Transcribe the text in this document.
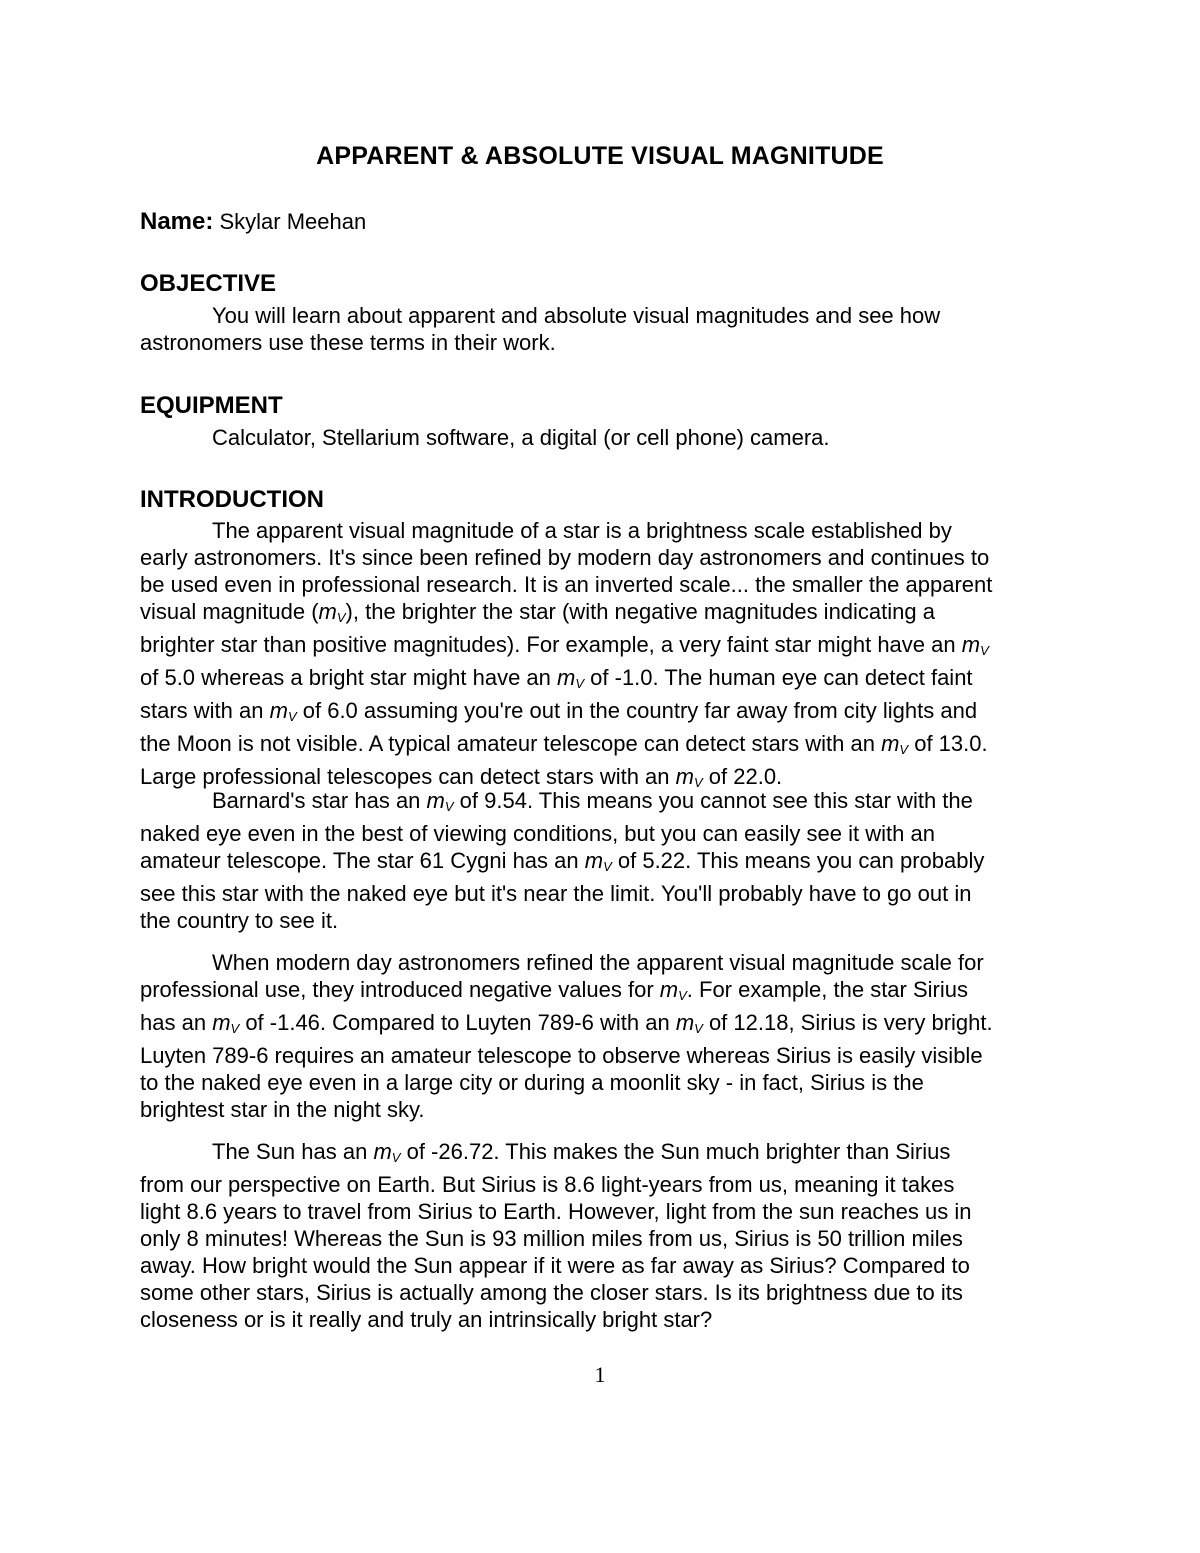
APPARENT & ABSOLUTE VISUAL MAGNITUDE
Name: Skylar Meehan
OBJECTIVE
You will learn about apparent and absolute visual magnitudes and see how
astronomers use these terms in their work.
EQUIPMENT
Calculator, Stellarium software, a digital (or cell phone) camera.
INTRODUCTION
The apparent visual magnitude of a star is a brightness scale established by
early astronomers. It's since been refined by modern day astronomers and continues to
be used even in professional research. It is an inverted scale... the smaller the apparent
visual magnitude $(m_V)$, the brighter the star (with negative magnitudes indicating a
brighter star than positive magnitudes). For example, a very faint star might have an $m_V$
of 5.0 whereas a bright star might have an $m_V$ of -1.0. The human eye can detect faint
stars with an $m_V$ of 6.0 assuming you're out in the country far away from city lights and
the Moon is not visible. A typical amateur telescope can detect stars with an $m_V$ of 13.0.
Large professional telescopes can detect stars with an $m_V$ of 22.0.
Barnard's star has an $m_V$ of 9.54. This means you cannot see this star with the
naked eye even in the best of viewing conditions, but you can easily see it with an
amateur telescope. The star 61 Cygni has an $m_V$ of 5.22. This means you can probably
see this star with the naked eye but it's near the limit. You'll probably have to go out in
the country to see it.
When modern day astronomers refined the apparent visual magnitude scale for
professional use, they introduced negative values for $m_V$. For example, the star Sirius
has an $m_V$ of -1.46. Compared to Luyten 789-6 with an $m_V$ of 12.18, Sirius is very bright.
Luyten 789-6 requires an amateur telescope to observe whereas Sirius is easily visible
to the naked eye even in a large city or during a moonlit sky - in fact, Sirius is the
brightest star in the night sky.
The Sun has an $m_V$ of -26.72. This makes the Sun much brighter than Sirius
from our perspective on Earth. But Sirius is 8.6 light-years from us, meaning it takes
light 8.6 years to travel from Sirius to Earth. However, light from the sun reaches us in
only 8 minutes! Whereas the Sun is 93 million miles from us, Sirius is 50 trillion miles
away. How bright would the Sun appear if it were as far away as Sirius? Compared to
some other stars, Sirius is actually among the closer stars. Is its brightness due to its
closeness or is it really and truly an intrinsically bright star?
1
